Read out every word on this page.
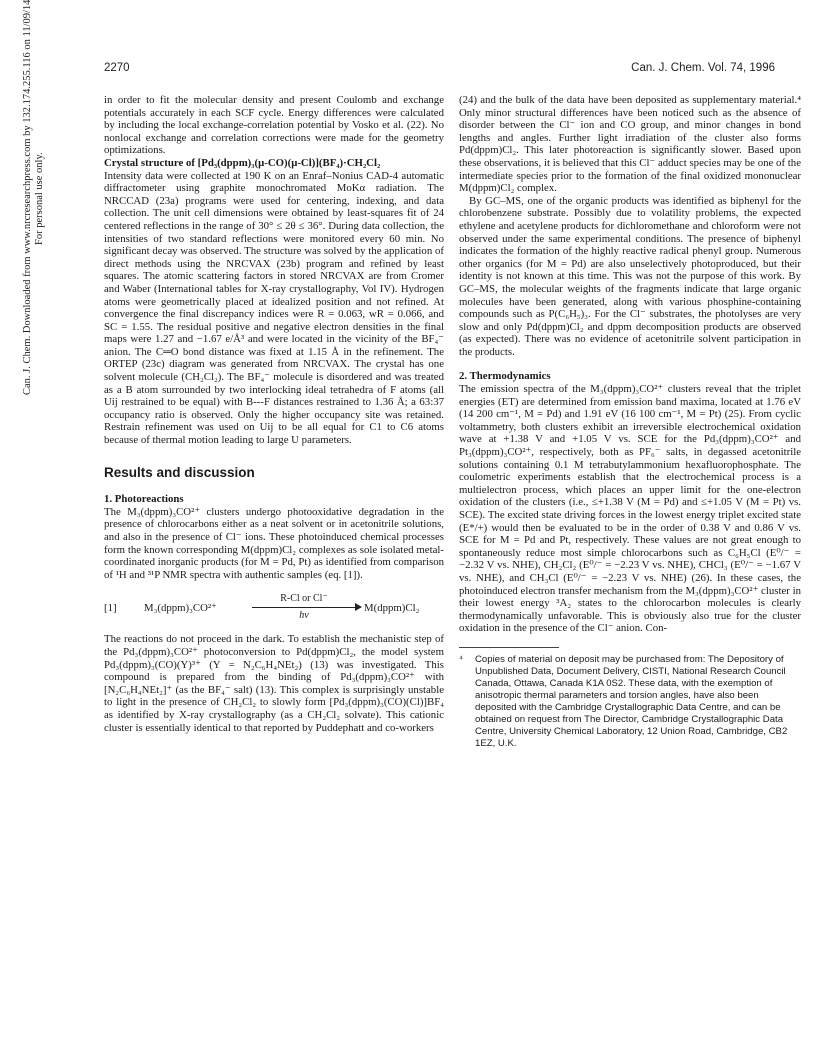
2270	Can. J. Chem. Vol. 74, 1996
Can. J. Chem. Downloaded from www.nrcresearchpress.com by 132.174.255.116 on 11/09/14 For personal use only.

in order to fit the molecular density and present Coulomb and exchange potentials accurately in each SCF cycle. Energy differences were calculated by including the local exchange-correlation potential by Vosko et al. (22). No nonlocal exchange and correlation corrections were made for the geometry optimizations.

Crystal structure of [Pd₃(dppm)₃(μ-CO)(μ-Cl)](BF₄)·CH₂Cl₂

Intensity data were collected at 190 K on an Enraf–Nonius CAD-4 automatic diffractometer using graphite monochromated MoKα radiation. The NRCCAD (23a) programs were used for centering, indexing, and data collection. The unit cell dimensions were obtained by least-squares fit of 24 centered reflections in the range of 30° ≤ 2θ ≤ 36°. During data collection, the intensities of two standard reflections were monitored every 60 min. No significant decay was observed. The structure was solved by the application of direct methods using the NRCVAX (23b) program and refined by least squares. The atomic scattering factors in stored NRCVAX are from Cromer and Waber (International tables for X-ray crystallography, Vol IV). Hydrogen atoms were geometrically placed at idealized position and not refined. At convergence the final discrepancy indices were R = 0.063, wR = 0.066, and SC = 1.55. The residual positive and negative electron densities in the final maps were 1.27 and −1.67 e/Å³ and were located in the vicinity of the BF₄⁻ anion. The C═O bond distance was fixed at 1.15 Å in the refinement. The ORTEP (23c) diagram was generated from NRCVAX. The crystal has one solvent molecule (CH₂Cl₂). The BF₄⁻ molecule is disordered and was treated as a B atom surrounded by two interlocking ideal tetrahedra of F atoms (all Uij restrained to be equal) with B---F distances restrained to 1.36 Å; a 63:37 occupancy ratio is observed. Only the higher occupancy site was retained. Restrain refinement was used on Uij to be all equal for C1 to C6 atoms because of thermal motion leading to large U parameters.

Results and discussion

1. Photoreactions

The M₃(dppm)₃CO²⁺ clusters undergo photooxidative degradation in the presence of chlorocarbons either as a neat solvent or in acetonitrile solutions, and also in the presence of Cl⁻ ions. These photoinduced chemical processes form the known corresponding M(dppm)Cl₂ complexes as sole isolated metal-coordinated inorganic products (for M = Pd, Pt) as identified from comparison of ¹H and ³¹P NMR spectra with authentic samples (eq. [1]).

[1]	M₃(dppm)₃CO²⁺
R-Cl or Cl⁻
hν
M(dppm)Cl₂

The reactions do not proceed in the dark. To establish the mechanistic step of the Pd₃(dppm)₃CO²⁺ photoconversion to Pd(dppm)Cl₂, the model system Pd₃(dppm)₃(CO)(Y)³⁺ (Y = N₂C₆H₄NEt₂) (13) was investigated. This compound is prepared from the binding of Pd₃(dppm)₃CO²⁺ with [N₂C₆H₄NEt₂]⁺ (as the BF₄⁻ salt) (13). This complex is surprisingly unstable to light in the presence of CH₂Cl₂ to slowly form [Pd₃(dppm)₃(CO)(Cl)]BF₄ as identified by X-ray crystallography (as a CH₂Cl₂ solvate). This cationic cluster is essentially identical to that reported by Puddephatt and co-workers

(24) and the bulk of the data have been deposited as supplementary material.⁴ Only minor structural differences have been noticed such as the absence of disorder between the Cl⁻ ion and CO group, and minor changes in bond lengths and angles. Further light irradiation of the cluster also forms Pd(dppm)Cl₂. This later photoreaction is significantly slower. Based upon these observations, it is believed that this Cl⁻ adduct species may be one of the intermediate species prior to the formation of the final oxidized mononuclear M(dppm)Cl₂ complex.

By GC–MS, one of the organic products was identified as biphenyl for the chlorobenzene substrate. Possibly due to volatility problems, the expected ethylene and acetylene products for dichloromethane and chloroform were not observed under the same experimental conditions. The presence of biphenyl indicates the formation of the highly reactive radical phenyl group. Numerous other organics (for M = Pd) are also unselectively photoproduced, but their identity is not known at this time. This was not the purpose of this work. By GC–MS, the molecular weights of the fragments indicate that large organic molecules have been generated, along with various phosphine-containing compounds such as P(C₆H₅)₃. For the Cl⁻ substrates, the photolyses are very slow and only Pd(dppm)Cl₂ and dppm decomposition products are observed (as expected). There was no evidence of acetonitrile solvent participation in the products.

2. Thermodynamics

The emission spectra of the M₃(dppm)₃CO²⁺ clusters reveal that the triplet energies (ET) are determined from emission band maxima, located at 1.76 eV (14 200 cm⁻¹, M = Pd) and 1.91 eV (16 100 cm⁻¹, M = Pt) (25). From cyclic voltammetry, both clusters exhibit an irreversible electrochemical oxidation wave at +1.38 V and +1.05 V vs. SCE for the Pd₃(dppm)₃CO²⁺ and Pt₃(dppm)₃CO²⁺, respectively, both as PF₆⁻ salts, in degassed acetonitrile solutions containing 0.1 M tetrabutylammonium hexafluorophosphate. The coulometric experiments establish that the electrochemical process is a multielectron process, which places an upper limit for the one-electron oxidation of the clusters (i.e., ≤+1.38 V (M = Pd) and ≤+1.05 V (M = Pt) vs. SCE). The excited state driving forces in the lowest energy triplet excited state (E*/+) would then be evaluated to be in the order of 0.38 V and 0.86 V vs. SCE for M = Pd and Pt, respectively. These values are not great enough to spontaneously reduce most simple chlorocarbons such as C₆H₅Cl (E⁰/⁻ = −2.32 V vs. NHE), CH₂Cl₂ (E⁰/⁻ = −2.23 V vs. NHE), CHCl₃ (E⁰/⁻ = −1.67 V vs. NHE), and CH₃Cl (E⁰/⁻ = −2.23 V vs. NHE) (26). In these cases, the photoinduced electron transfer mechanism from the M₃(dppm)₃CO²⁺ cluster in their lowest energy ³A₂ states to the chlorocarbon molecules is clearly thermodynamically unfavorable. This is obviously also true for the cluster oxidation in the presence of the Cl⁻ anion. Con-

⁴	Copies of material on deposit may be purchased from: The Depository of Unpublished Data, Document Delivery, CISTI, National Research Council Canada, Ottawa, Canada K1A 0S2. These data, with the exemption of anisotropic thermal parameters and torsion angles, have also been deposited with the Cambridge Crystallographic Data Centre, and can be obtained on request from The Director, Cambridge Crystallographic Data Centre, University Chemical Laboratory, 12 Union Road, Cambridge, CB2 1EZ, U.K.
